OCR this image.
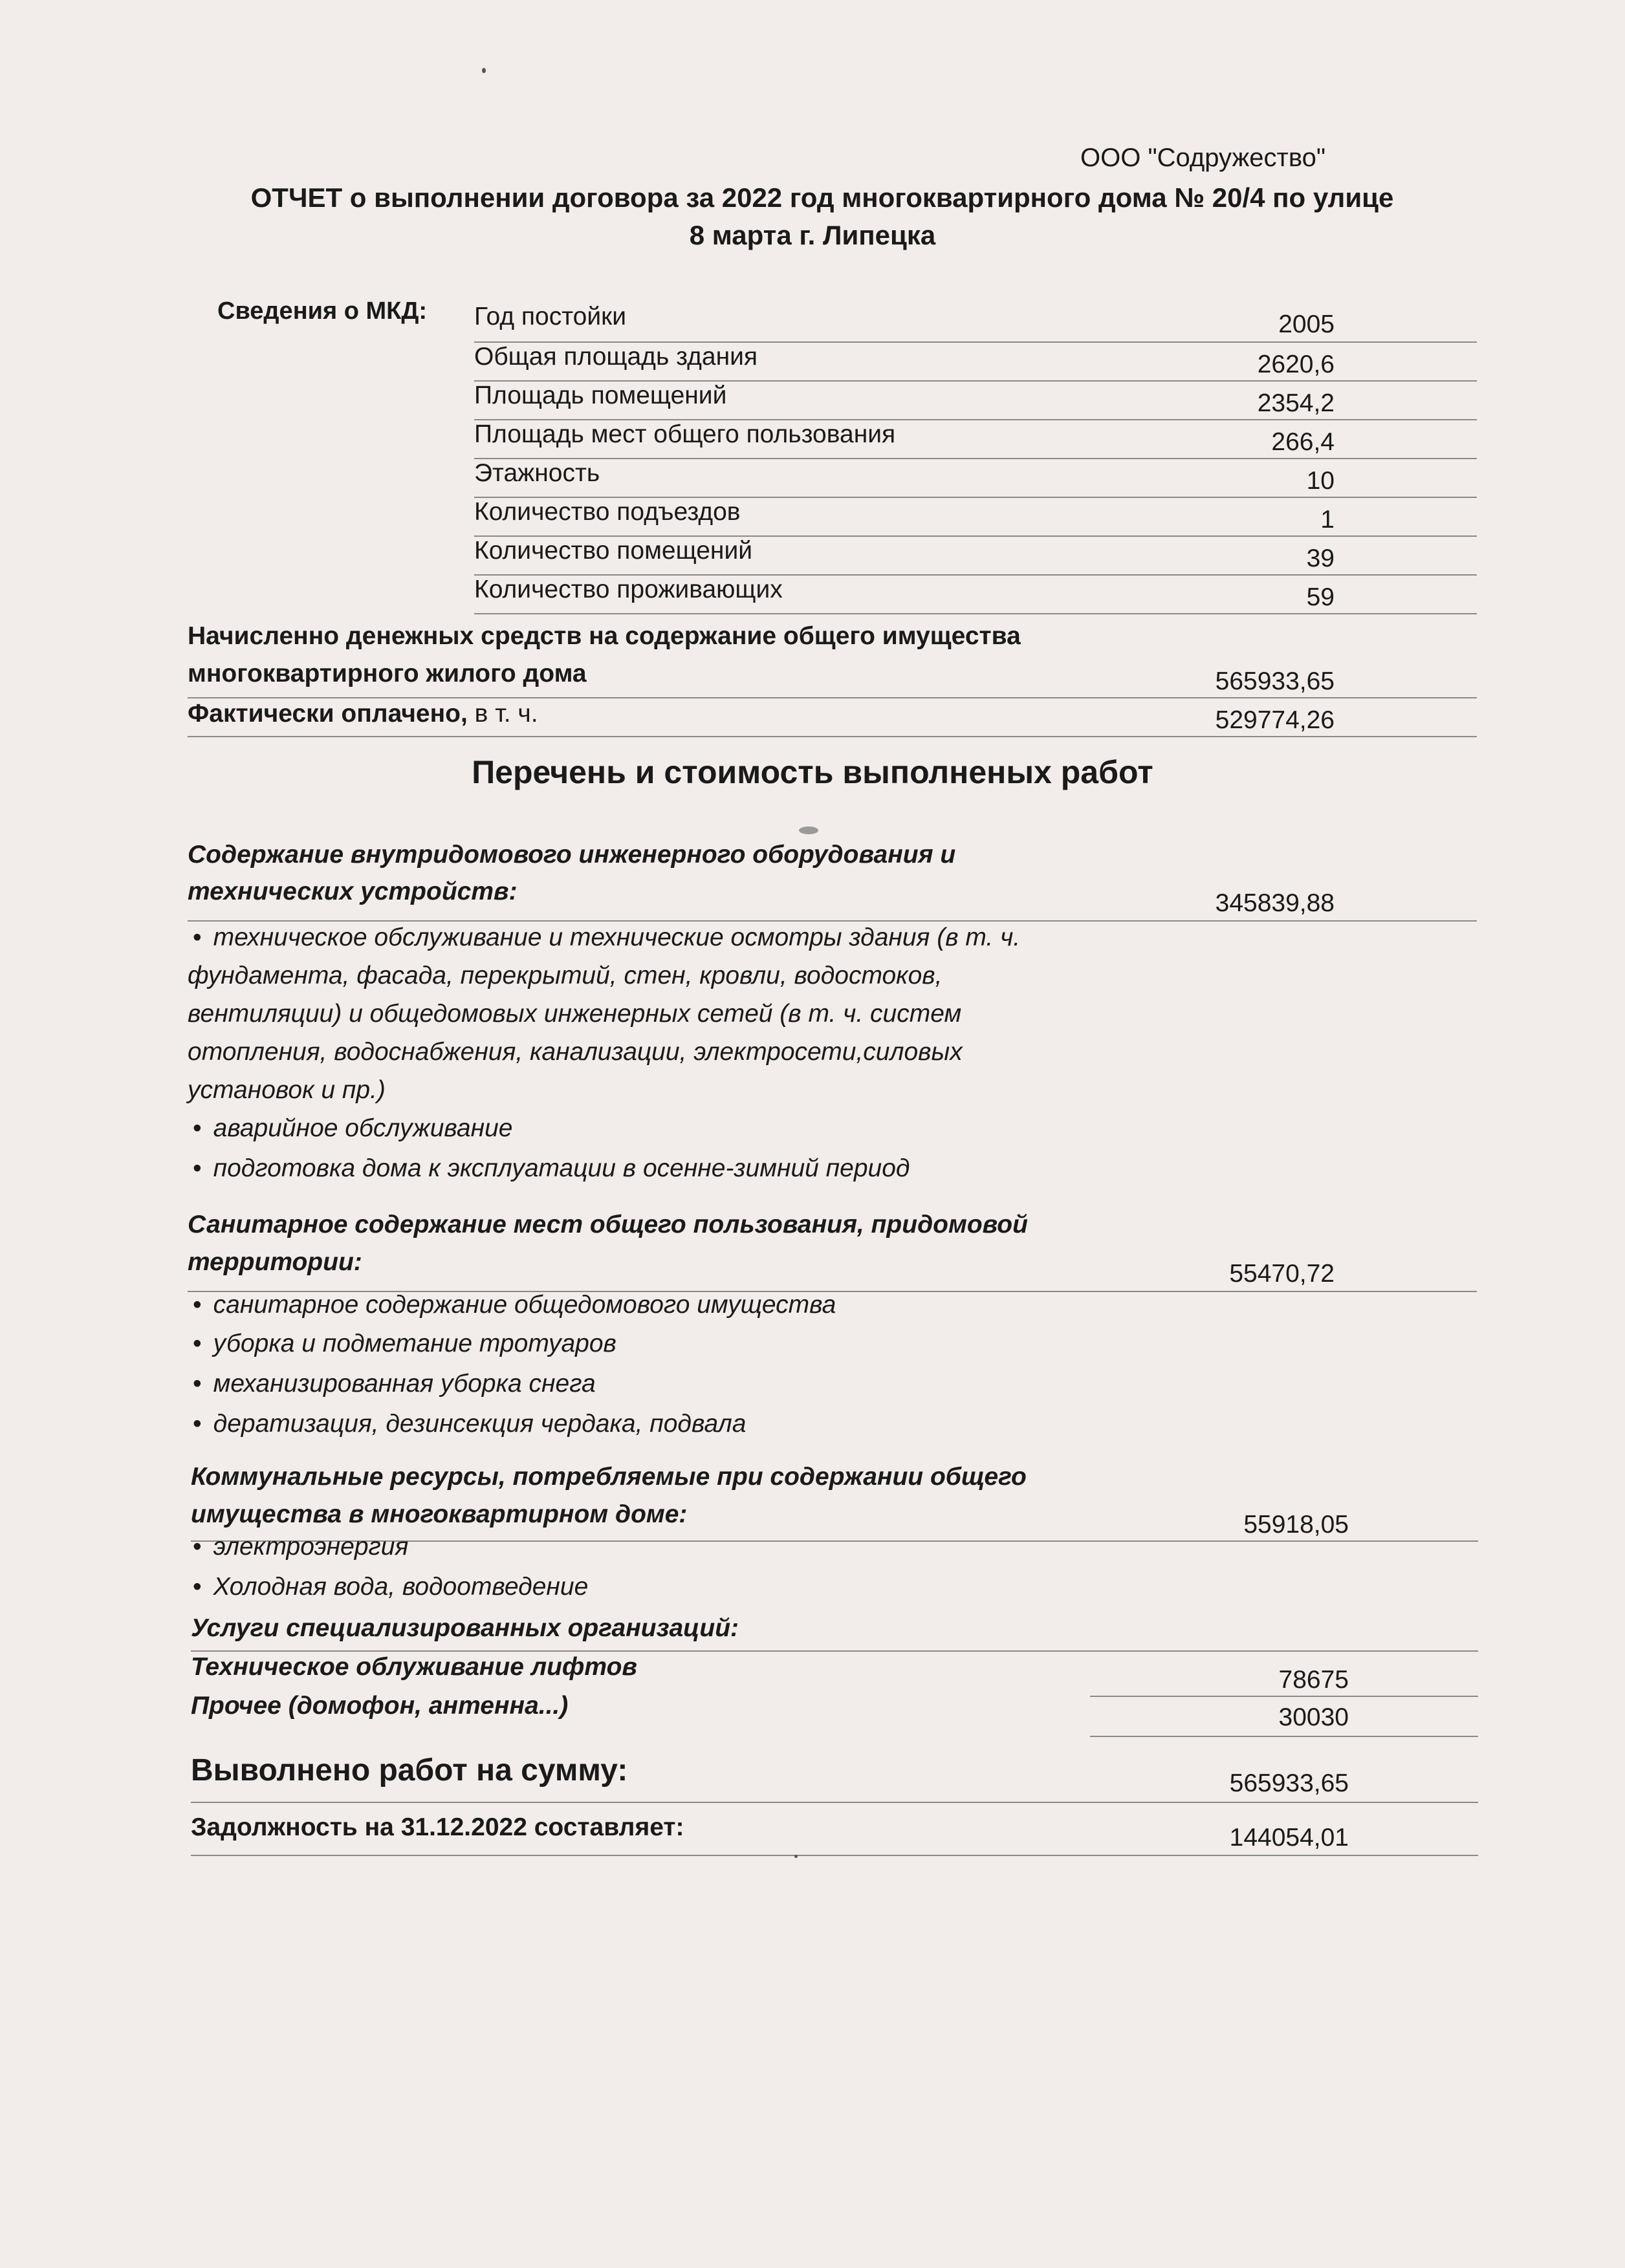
ООО "Содружество"
ОТЧЕТ о выполнении договора за 2022 год многоквартирного дома № 20/4 по улице
8 марта г. Липецка
Сведения о МКД: Год постойки	2005
Общая площадь здания	2620,6
Площадь помещений	2354,2
Площадь мест общего пользования	266,4
Этажность	10
Количество подъездов	1
Количество помещений	39
Количество проживающих	59
Начисленно денежных средств на содержание общего имущества
многоквартирного жилого дома	565933,65
Фактически оплачено, в т. ч.	529774,26
Перечень и стоимость выполненых работ
Содержание внутридомового инженерного оборудования и
технических устройств:	345839,88
• техническое обслуживание и технические осмотры здания (в т. ч.
фундамента, фасада, перекрытий, стен, кровли, водостоков,
вентиляции) и общедомовых инженерных сетей (в т. ч. систем
отопления, водоснабжения, канализации, электросети,силовых
установок и пр.)
• аварийное обслуживание
• подготовка дома к эксплуатации в осенне-зимний период
Санитарное содержание мест общего пользования, придомовой
территории:	55470,72
• санитарное содержание общедомового имущества
• уборка и подметание тротуаров
• механизированная уборка снега
• дератизация, дезинсекция чердака, подвала
Коммунальные ресурсы, потребляемые при содержании общего
имущества в многоквартирном доме:	55918,05
• электроэнергия
• Холодная вода, водоотведение
Услуги специализированных организаций:
Техническое облуживание лифтов	78675
Прочее (домофон, антенна...)	30030
Выволнено работ на сумму:	565933,65
Задолжность на 31.12.2022 составляет:	144054,01
